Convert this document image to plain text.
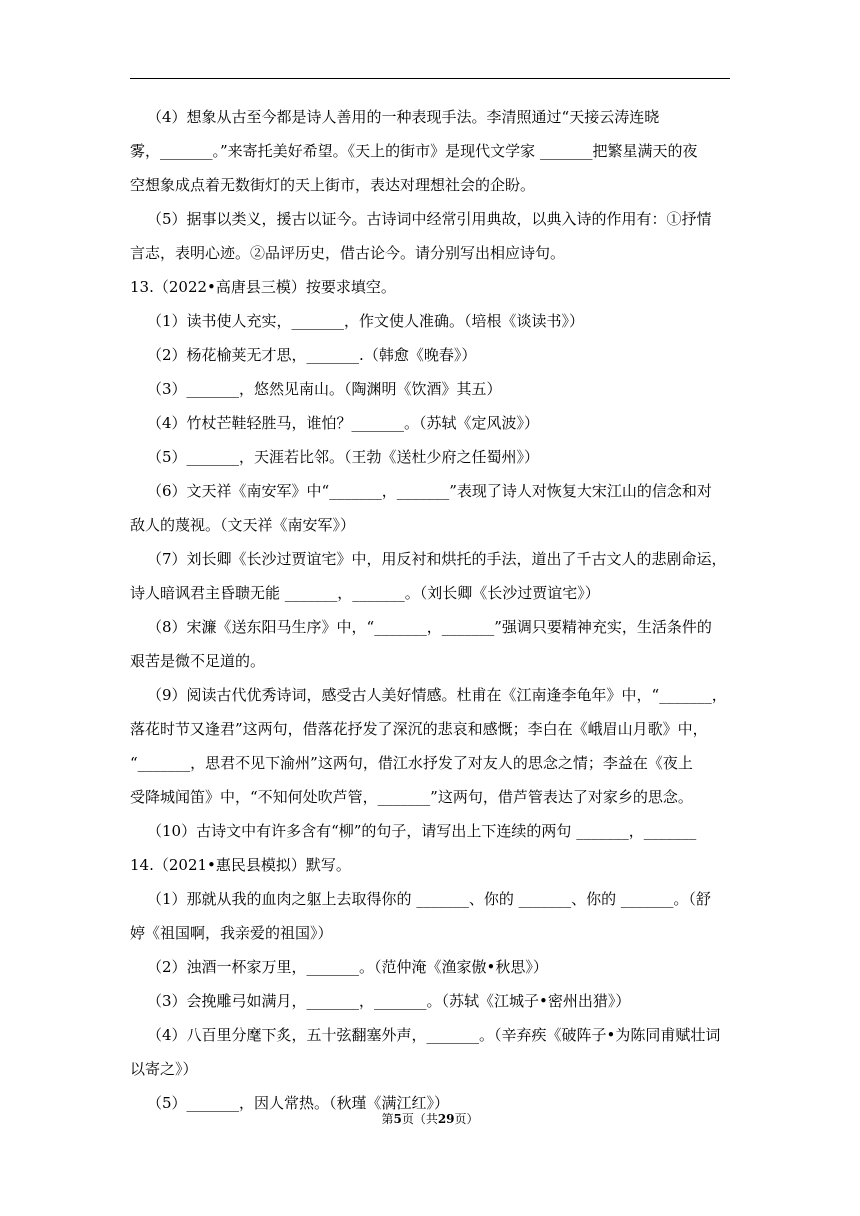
（4）想象从古至今都是诗人善用的一种表现手法。李清照通过“天接云涛连晓

雾，_______。”来寄托美好希望。《天上的街市》是现代文学家 _______把繁星满天的夜

空想象成点着无数街灯的天上街市，表达对理想社会的企盼。

（5）据事以类义，援古以证今。古诗词中经常引用典故，以典入诗的作用有：①抒情

言志，表明心迹。②品评历史，借古论今。请分别写出相应诗句。

13.（2022•高唐县三模）按要求填空。

（1）读书使人充实，_______，作文使人准确。（培根《谈读书》）

（2）杨花榆荚无才思，_______.（韩愈《晚春》）

（3）_______，悠然见南山。（陶渊明《饮酒》其五）

（4）竹杖芒鞋轻胜马，谁怕？_______。（苏轼《定风波》）

（5）_______，天涯若比邻。（王勃《送杜少府之任蜀州》）

（6）文天祥《南安军》中“_______，_______”表现了诗人对恢复大宋江山的信念和对

敌人的蔑视。（文天祥《南安军》）

（7）刘长卿《长沙过贾谊宅》中，用反衬和烘托的手法，道出了千古文人的悲剧命运，

诗人暗讽君主昏聩无能 _______，_______。（刘长卿《长沙过贾谊宅》）

（8）宋濂《送东阳马生序》中，“_______，_______”强调只要精神充实，生活条件的

艰苦是微不足道的。

（9）阅读古代优秀诗词，感受古人美好情感。杜甫在《江南逢李龟年》中，“_______，

落花时节又逢君”这两句，借落花抒发了深沉的悲哀和感慨；李白在《峨眉山月歌》中，

“_______，思君不见下渝州”这两句，借江水抒发了对友人的思念之情；李益在《夜上

受降城闻笛》中，“不知何处吹芦管，_______”这两句，借芦管表达了对家乡的思念。

（10）古诗文中有许多含有“柳”的句子，请写出上下连续的两句 _______，_______

14.（2021•惠民县模拟）默写。

（1）那就从我的血肉之躯上去取得你的 _______、你的 _______、你的 _______。（舒

婷《祖国啊，我亲爱的祖国》）

（2）浊酒一杯家万里，_______。（范仲淹《渔家傲•秋思》）

（3）会挽雕弓如满月，_______，_______。（苏轼《江城子•密州出猎》）

（4）八百里分麾下炙，五十弦翻塞外声，_______。（辛弃疾《破阵子•为陈同甫赋壮词

以寄之》）

（5）_______，因人常热。（秋瑾《满江红》）

第5页（共29页）
